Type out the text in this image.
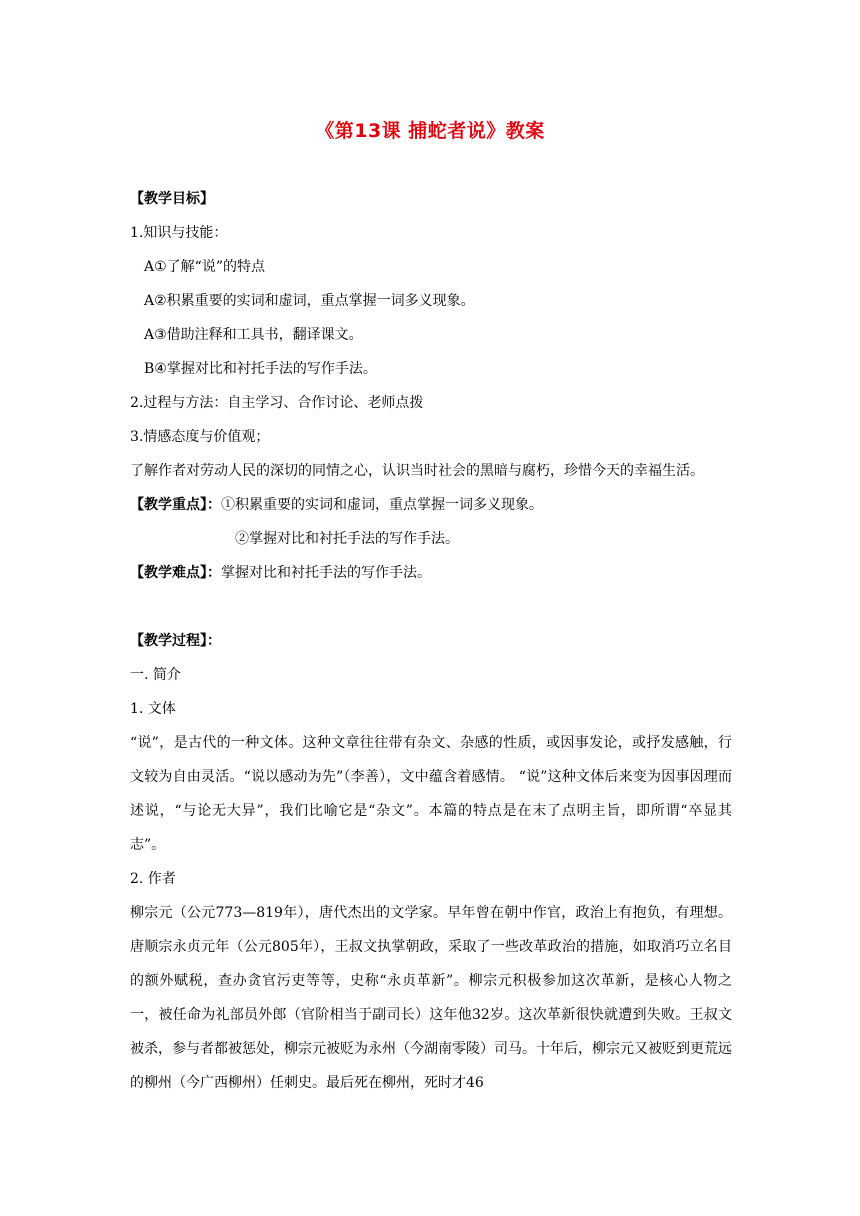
《第13课 捕蛇者说》教案
【教学目标】
1.知识与技能：
A①了解“说”的特点
A②积累重要的实词和虚词，重点掌握一词多义现象。
A③借助注释和工具书，翻译课文。
B④掌握对比和衬托手法的写作手法。
2.过程与方法：自主学习、合作讨论、老师点拨
3.情感态度与价值观；
了解作者对劳动人民的深切的同情之心，认识当时社会的黑暗与腐朽，珍惜今天的幸福生活。
【教学重点】：①积累重要的实词和虚词，重点掌握一词多义现象。
②掌握对比和衬托手法的写作手法。
【教学难点】：掌握对比和衬托手法的写作手法。
【教学过程】：
一. 简介
1. 文体
“说”，是古代的一种文体。这种文章往往带有杂文、杂感的性质，或因事发论，或抒发感触，行文较为自由灵活。“说以感动为先”（李善），文中蕴含着感情。 “说”这种文体后来变为因事因理而述说，“与论无大异”，我们比喻它是“杂文”。本篇的特点是在末了点明主旨，即所谓“卒显其志”。
2. 作者
柳宗元（公元773—819年），唐代杰出的文学家。早年曾在朝中作官，政治上有抱负，有理想。唐顺宗永贞元年（公元805年），王叔文执掌朝政，采取了一些改革政治的措施，如取消巧立名目的额外赋税，查办贪官污吏等等，史称“永贞革新”。柳宗元积极参加这次革新，是核心人物之一，被任命为礼部员外郎（官阶相当于副司长）这年他32岁。这次革新很快就遭到失败。王叔文被杀，参与者都被惩处，柳宗元被贬为永州（今湖南零陵）司马。十年后，柳宗元又被贬到更荒远的柳州（今广西柳州）任刺史。最后死在柳州，死时才46
